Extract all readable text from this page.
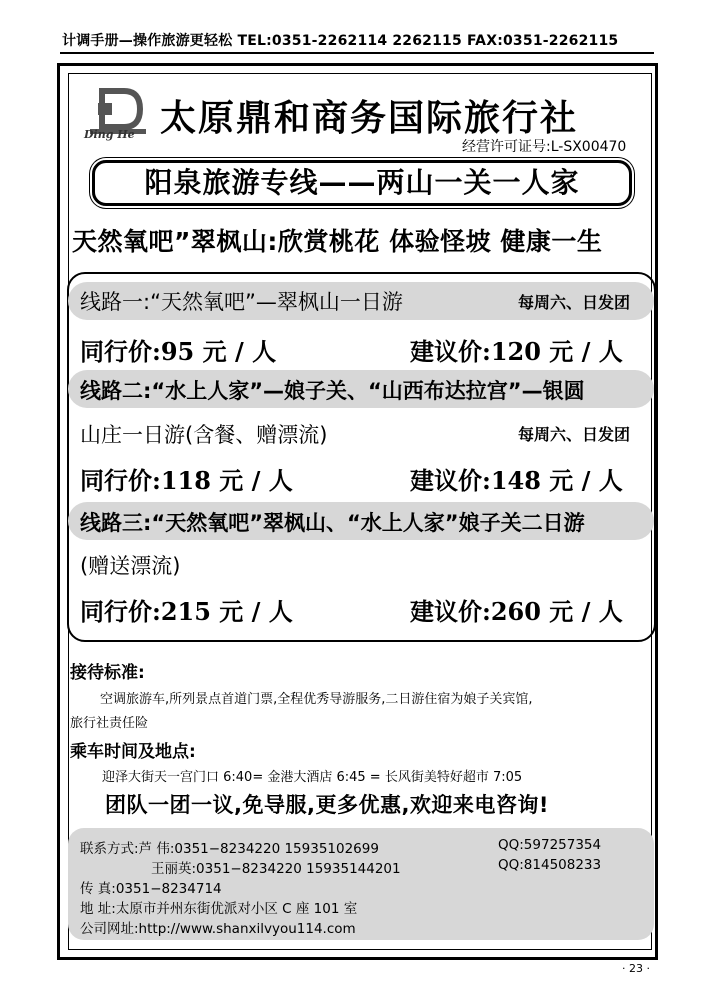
计调手册—操作旅游更轻松 TEL:0351-2262114 2262115 FAX:0351-2262115
Ding He 太原鼎和商务国际旅行社
经营许可证号:L-SX00470
阳泉旅游专线——两山一关一人家
天然氧吧”翠枫山:欣赏桃花 体验怪坡 健康一生
线路一:“天然氧吧”—翠枫山一日游	每周六、日发团
同行价:95 元 / 人	建议价:120 元 / 人
线路二:“水上人家”—娘子关、“山西布达拉宫”—银圆
山庄一日游(含餐、赠漂流)	每周六、日发团
同行价:118 元 / 人	建议价:148 元 / 人
线路三:“天然氧吧”翠枫山、“水上人家”娘子关二日游
(赠送漂流)
同行价:215 元 / 人	建议价:260 元 / 人
接待标准:
空调旅游车,所列景点首道门票,全程优秀导游服务,二日游住宿为娘子关宾馆,
旅行社责任险
乘车时间及地点:
迎泽大街天一宫门口 6:40= 金港大酒店 6:45 = 长风街美特好超市 7:05
团队一团一议,免导服,更多优惠,欢迎来电咨询!
联系方式:芦 伟:0351−8234220 15935102699	QQ:597257354
王丽英:0351−8234220 15935144201	QQ:814508233
传 真:0351−8234714
地 址:太原市并州东街优派对小区 C 座 101 室
公司网址:http://www.shanxilvyou114.com
· 23 ·
